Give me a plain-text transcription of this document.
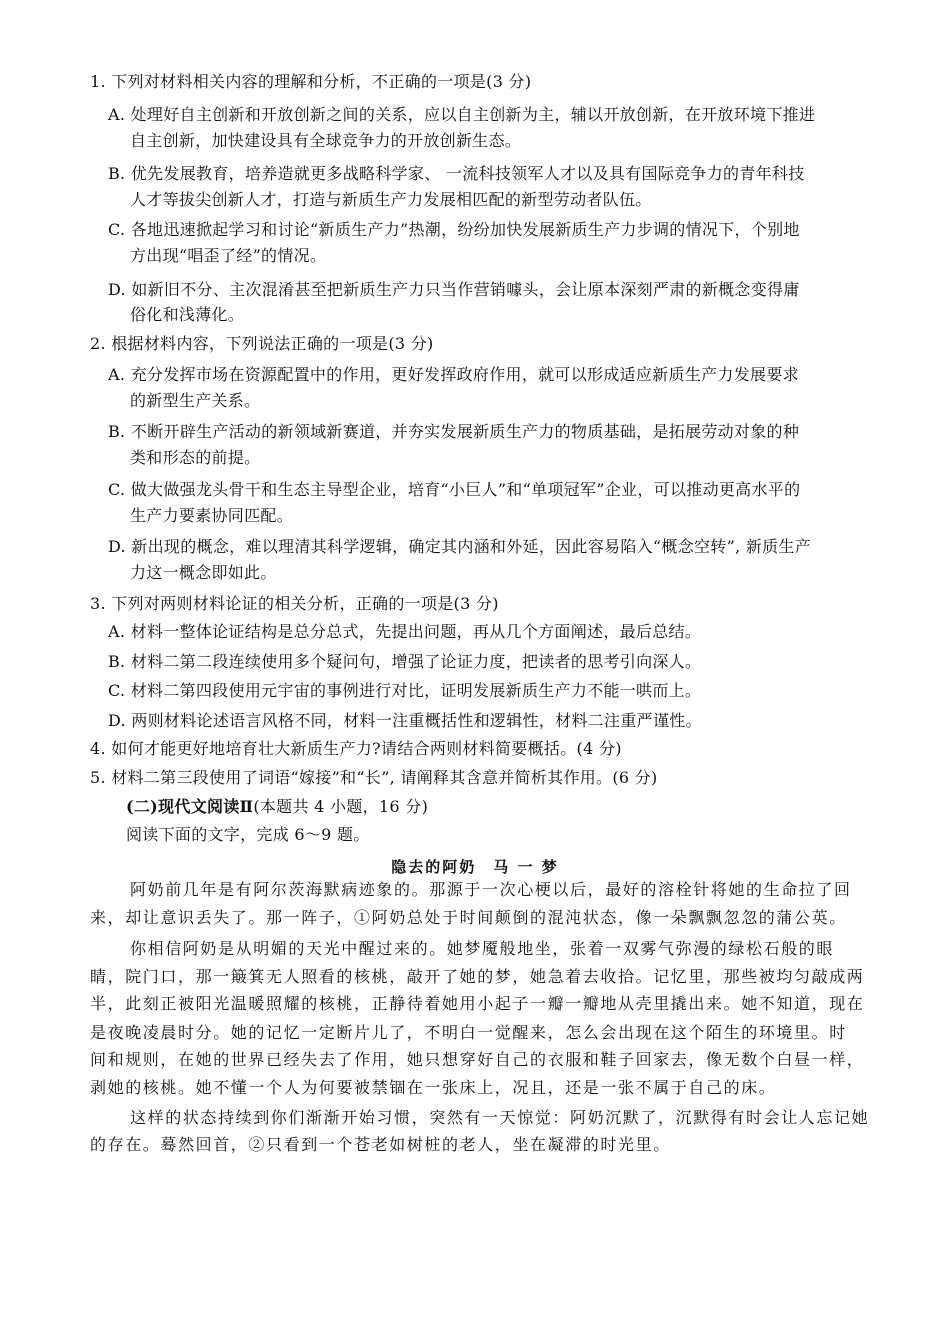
1. 下列对材料相关内容的理解和分析，不正确的一项是(3 分)
A. 处理好自主创新和开放创新之间的关系，应以自主创新为主，辅以开放创新，在开放环境下推进
自主创新，加快建设具有全球竞争力的开放创新生态。
B. 优先发展教育，培养造就更多战略科学家、 一流科技领军人才以及具有国际竞争力的青年科技
人才等拔尖创新人才，打造与新质生产力发展相匹配的新型劳动者队伍。
C. 各地迅速掀起学习和讨论“新质生产力”热潮，纷纷加快发展新质生产力步调的情况下，个别地
方出现“唱歪了经”的情况。
D. 如新旧不分、主次混淆甚至把新质生产力只当作营销噱头，会让原本深刻严肃的新概念变得庸
俗化和浅薄化。
2. 根据材料内容，下列说法正确的一项是(3 分)
A. 充分发挥市场在资源配置中的作用，更好发挥政府作用，就可以形成适应新质生产力发展要求
的新型生产关系。
B. 不断开辟生产活动的新领域新赛道，并夯实发展新质生产力的物质基础，是拓展劳动对象的种
类和形态的前提。
C. 做大做强龙头骨干和生态主导型企业，培育“小巨人”和“单项冠军”企业，可以推动更高水平的
生产力要素协同匹配。
D. 新出现的概念，难以理清其科学逻辑，确定其内涵和外延，因此容易陷入“概念空转”, 新质生产
力这一概念即如此。
3. 下列对两则材料论证的相关分析，正确的一项是(3 分)
A. 材料一整体论证结构是总分总式，先提出问题，再从几个方面阐述，最后总结。
B. 材料二第二段连续使用多个疑问句，增强了论证力度，把读者的思考引向深人。
C. 材料二第四段使用元宇宙的事例进行对比，证明发展新质生产力不能一哄而上。
D. 两则材料论述语言风格不同，材料一注重概括性和逻辑性，材料二注重严谨性。
4. 如何才能更好地培育壮大新质生产力?请结合两则材料简要概括。(4 分)
5. 材料二第三段使用了词语“嫁接”和“长”, 请阐释其含意并简析其作用。(6 分)
(二)现代文阅读Ⅱ(本题共 4 小题，16 分)
阅读下面的文字，完成 6～9 题。
隐去的阿奶　马 一 梦
阿奶前几年是有阿尔茨海默病迹象的。那源于一次心梗以后，最好的溶栓针将她的生命拉了回
来，却让意识丢失了。那一阵子，①阿奶总处于时间颠倒的混沌状态，像一朵飘飘忽忽的蒲公英。
你相信阿奶是从明媚的天光中醒过来的。她梦魇般地坐，张着一双雾气弥漫的绿松石般的眼
睛，院门口，那一簸箕无人照看的核桃，敲开了她的梦，她急着去收拾。记忆里，那些被均匀敲成两
半，此刻正被阳光温暖照耀的核桃，正静待着她用小起子一瓣一瓣地从壳里撬出来。她不知道，现在
是夜晚凌晨时分。她的记忆一定断片儿了，不明白一觉醒来，怎么会出现在这个陌生的环境里。时
间和规则，在她的世界已经失去了作用，她只想穿好自己的衣服和鞋子回家去，像无数个白昼一样，
剥她的核桃。她不懂一个人为何要被禁锢在一张床上，况且，还是一张不属于自己的床。
这样的状态持续到你们渐渐开始习惯，突然有一天惊觉：阿奶沉默了，沉默得有时会让人忘记她
的存在。蓦然回首，②只看到一个苍老如树桩的老人，坐在凝滞的时光里。
